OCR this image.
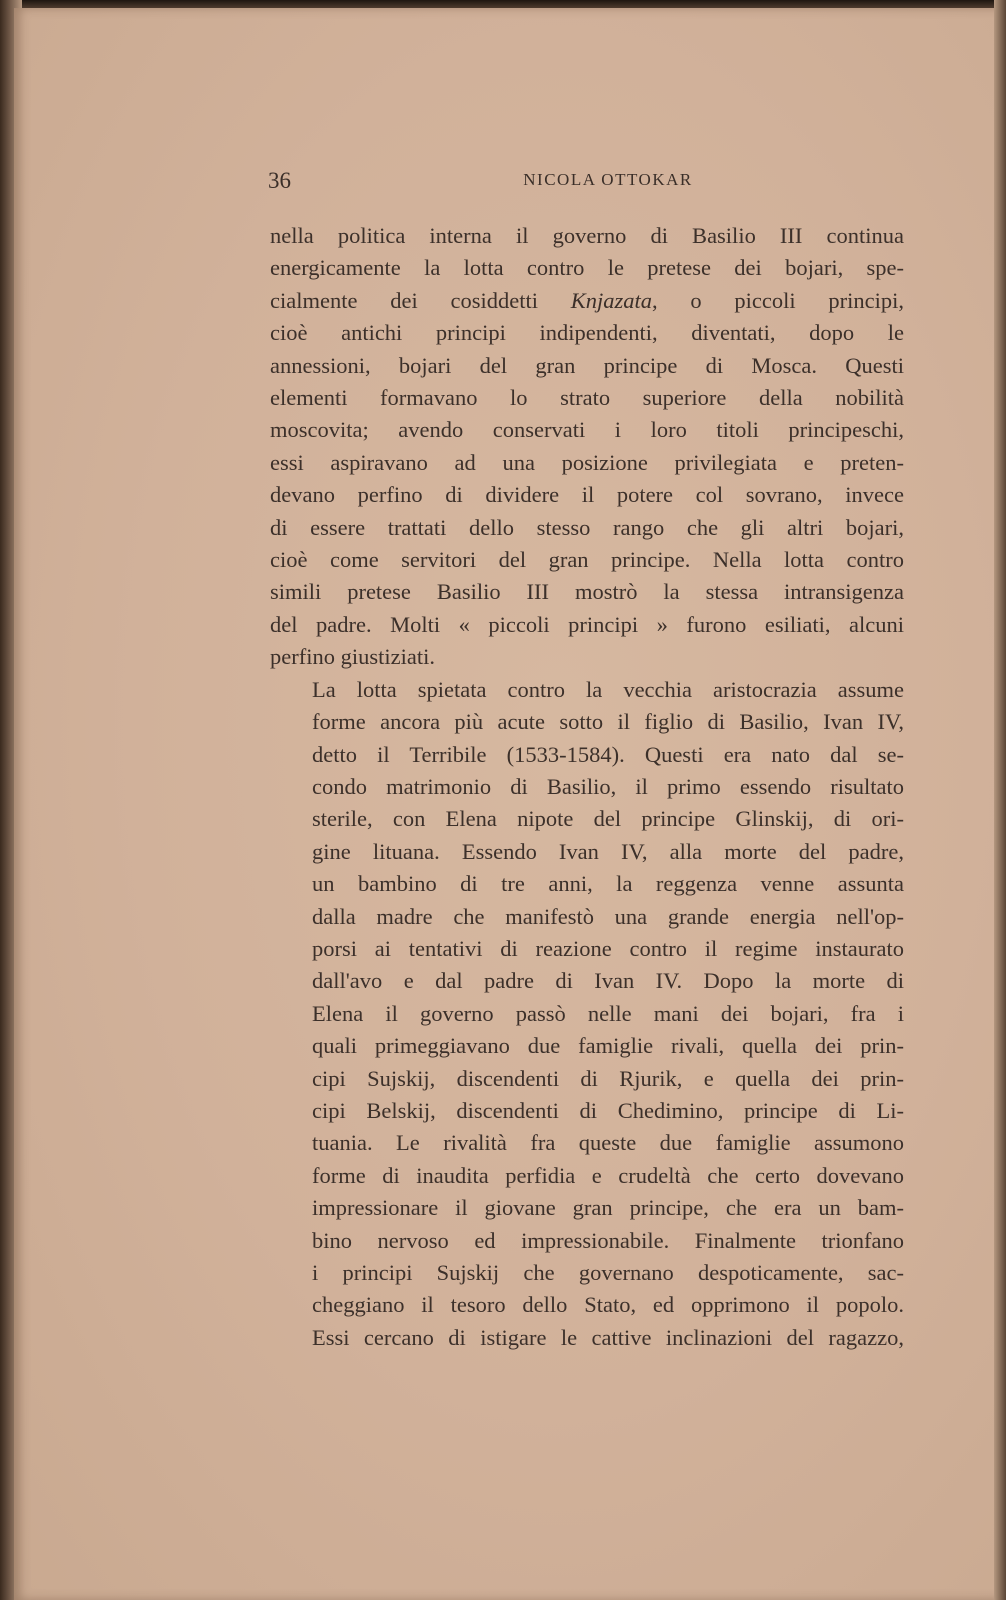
36	NICOLA OTTOKAR

nella politica interna il governo di Basilio III continua
energicamente la lotta contro le pretese dei bojari, spe-
cialmente dei cosiddetti Knjazata, o piccoli principi,
cioè antichi principi indipendenti, diventati, dopo le
annessioni, bojari del gran principe di Mosca. Questi
elementi formavano lo strato superiore della nobilità
moscovita; avendo conservati i loro titoli principeschi,
essi aspiravano ad una posizione privilegiata e preten-
devano perfino di dividere il potere col sovrano, invece
di essere trattati dello stesso rango che gli altri bojari,
cioè come servitori del gran principe. Nella lotta contro
simili pretese Basilio III mostrò la stessa intransigenza
del padre. Molti « piccoli principi » furono esiliati, alcuni
perfino giustiziati.

La lotta spietata contro la vecchia aristocrazia assume
forme ancora più acute sotto il figlio di Basilio, Ivan IV,
detto il Terribile (1533-1584). Questi era nato dal se-
condo matrimonio di Basilio, il primo essendo risultato
sterile, con Elena nipote del principe Glinskij, di ori-
gine lituana. Essendo Ivan IV, alla morte del padre,
un bambino di tre anni, la reggenza venne assunta
dalla madre che manifestò una grande energia nell'op-
porsi ai tentativi di reazione contro il regime instaurato
dall'avo e dal padre di Ivan IV. Dopo la morte di
Elena il governo passò nelle mani dei bojari, fra i
quali primeggiavano due famiglie rivali, quella dei prin-
cipi Sujskij, discendenti di Rjurik, e quella dei prin-
cipi Belskij, discendenti di Chedimino, principe di Li-
tuania. Le rivalità fra queste due famiglie assumono
forme di inaudita perfidia e crudeltà che certo dovevano
impressionare il giovane gran principe, che era un bam-
bino nervoso ed impressionabile. Finalmente trionfano
i principi Sujskij che governano despoticamente, sac-
cheggiano il tesoro dello Stato, ed opprimono il popolo.
Essi cercano di istigare le cattive inclinazioni del ragazzo,
